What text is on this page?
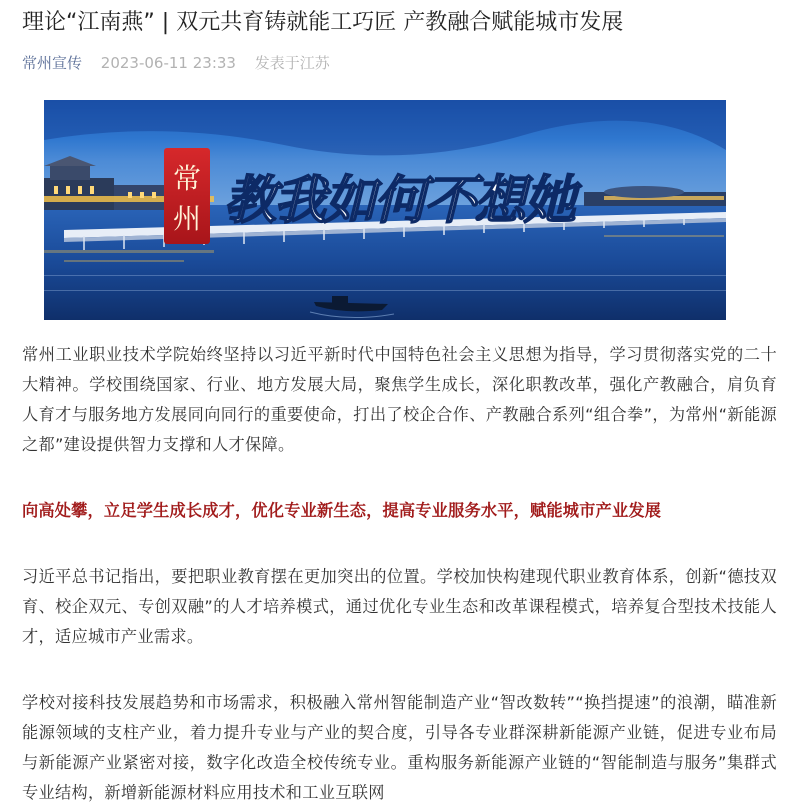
理论“江南燕” | 双元共育铸就能工巧匠 产教融合赋能城市发展
常州宣传 2023-06-11 23:33 发表于江苏
常
州 教我如何不想她

常州工业职业技术学院始终坚持以习近平新时代中国特色社会主义思想为指导，学习贯彻落实党的二十大精神。学校围绕国家、行业、地方发展大局，聚焦学生成长，深化职教改革，强化产教融合，肩负育人育才与服务地方发展同向同行的重要使命，打出了校企合作、产教融合系列“组合拳”，为常州“新能源之都”建设提供智力支撑和人才保障。

向高处攀，立足学生成长成才，优化专业新生态，提高专业服务水平，赋能城市产业发展

习近平总书记指出，要把职业教育摆在更加突出的位置。学校加快构建现代职业教育体系，创新“德技双育、校企双元、专创双融”的人才培养模式，通过优化专业生态和改革课程模式，培养复合型技术技能人才，适应城市产业需求。

学校对接科技发展趋势和市场需求，积极融入常州智能制造产业“智改数转”“换挡提速”的浪潮，瞄准新能源领域的支柱产业，着力提升专业与产业的契合度，引导各专业群深耕新能源产业链，促进专业布局与新能源产业紧密对接，数字化改造全校传统专业。重构服务新能源产业链的“智能制造与服务”集群式专业结构，新增新能源材料应用技术和工业互联网
